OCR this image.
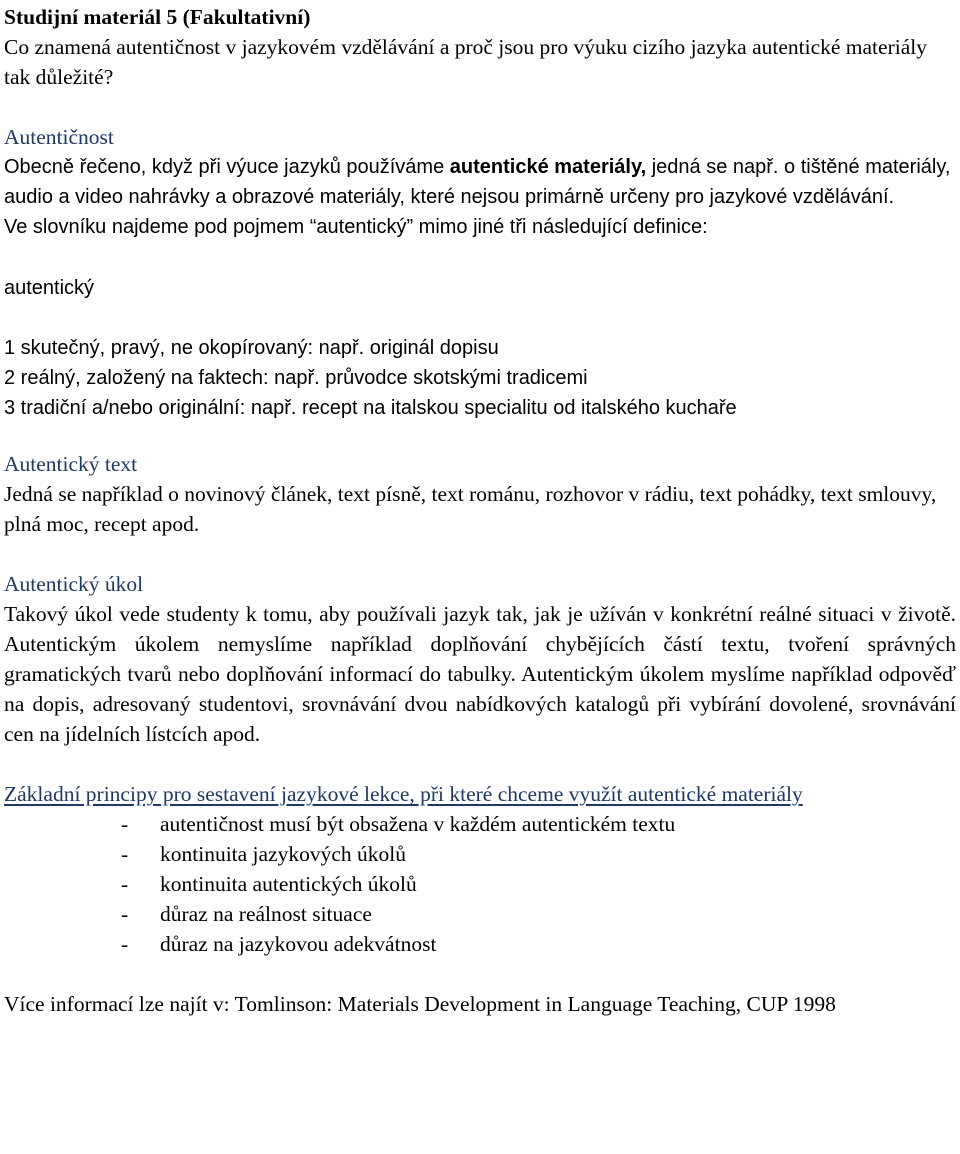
Studijní materiál 5 (Fakultativní)

Co znamená autentičnost v jazykovém vzdělávání a proč jsou pro výuku cizího jazyka autentické materiály tak důležité?

Autentičnost

Obecně řečeno, když při výuce jazyků používáme autentické materiály, jedná se např. o tištěné materiály, audio a video nahrávky a obrazové materiály, které nejsou primárně určeny pro jazykové vzdělávání.

Ve slovníku najdeme pod pojmem “autentický” mimo jiné tři následující definice:

autentický

1 skutečný, pravý, ne okopírovaný: např. originál dopisu

2 reálný, založený na faktech: např. průvodce skotskými tradicemi

3 tradiční a/nebo originální: např. recept na italskou specialitu od italského kuchaře

Autentický text

Jedná se například o novinový článek, text písně, text románu, rozhovor v rádiu, text pohádky, text smlouvy, plná moc, recept apod.

Autentický úkol

Takový úkol vede studenty k tomu, aby používali jazyk tak, jak je užíván v konkrétní reálné situaci v životě. Autentickým úkolem nemyslíme například doplňování chybějících částí textu, tvoření správných gramatických tvarů nebo doplňování informací do tabulky. Autentickým úkolem myslíme například odpověď na dopis, adresovaný studentovi, srovnávání dvou nabídkových katalogů při vybírání dovolené, srovnávání cen na jídelních lístcích apod.

Základní principy pro sestavení jazykové lekce, při které chceme využít autentické materiály

-	autentičnost musí být obsažena v každém autentickém textu
-	kontinuita jazykových úkolů
-	kontinuita autentických úkolů
-	důraz na reálnost situace
-	důraz na jazykovou adekvátnost

Více informací lze najít v: Tomlinson: Materials Development in Language Teaching, CUP 1998
